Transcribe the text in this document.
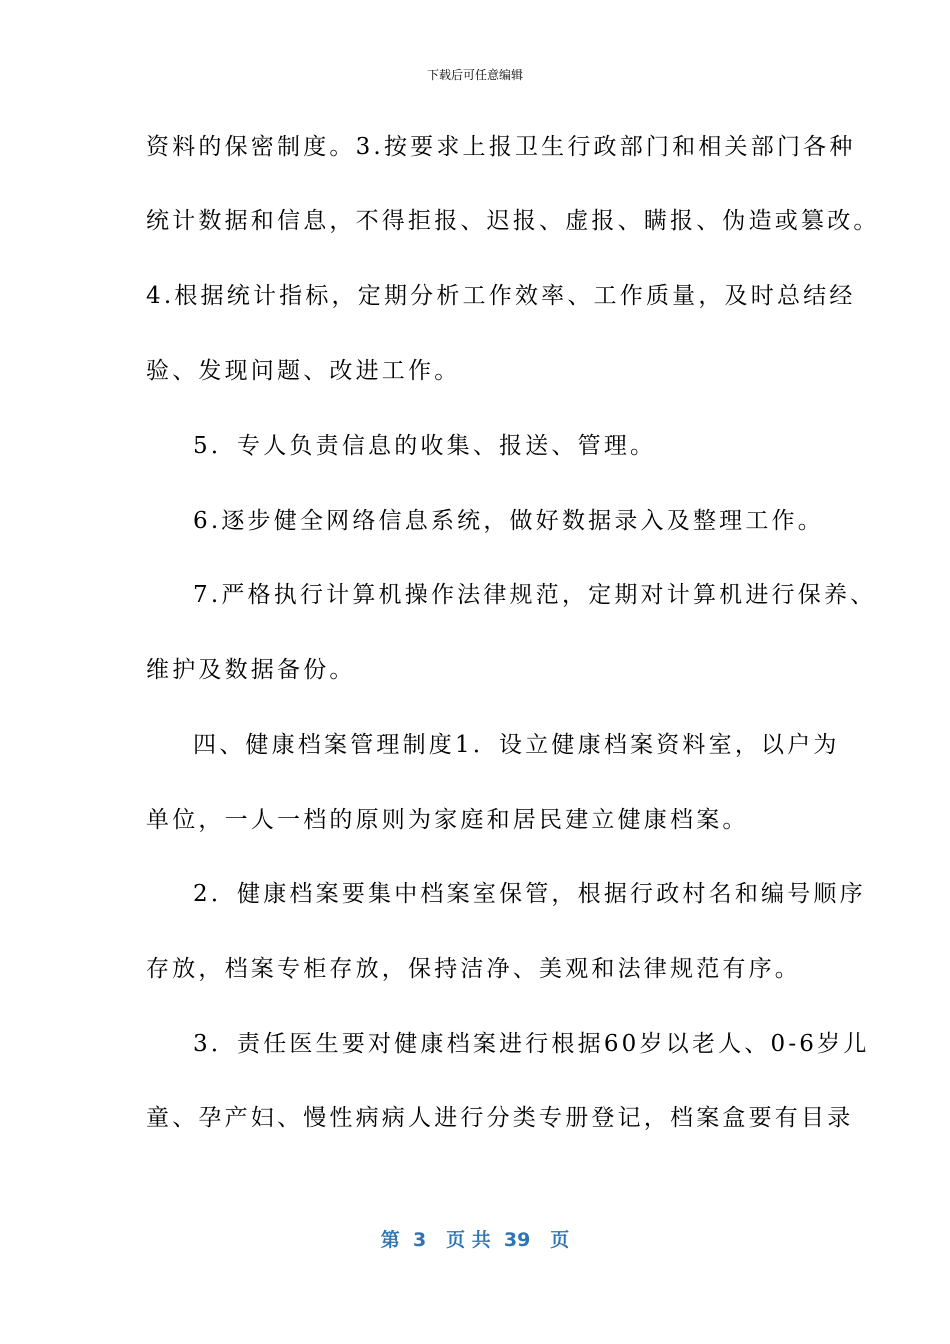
下载后可任意编辑
资料的保密制度。3.按要求上报卫生行政部门和相关部门各种
统计数据和信息，不得拒报、迟报、虚报、瞒报、伪造或篡改。
4.根据统计指标，定期分析工作效率、工作质量，及时总结经
验、发现问题、改进工作。
5．专人负责信息的收集、报送、管理。
6.逐步健全网络信息系统，做好数据录入及整理工作。
7.严格执行计算机操作法律规范，定期对计算机进行保养、
维护及数据备份。
四、健康档案管理制度1．设立健康档案资料室，以户为
单位，一人一档的原则为家庭和居民建立健康档案。
2．健康档案要集中档案室保管，根据行政村名和编号顺序
存放，档案专柜存放，保持洁净、美观和法律规范有序。
3．责任医生要对健康档案进行根据60岁以老人、0-6岁儿
童、孕产妇、慢性病病人进行分类专册登记，档案盒要有目录
第  3   页 共  39   页
